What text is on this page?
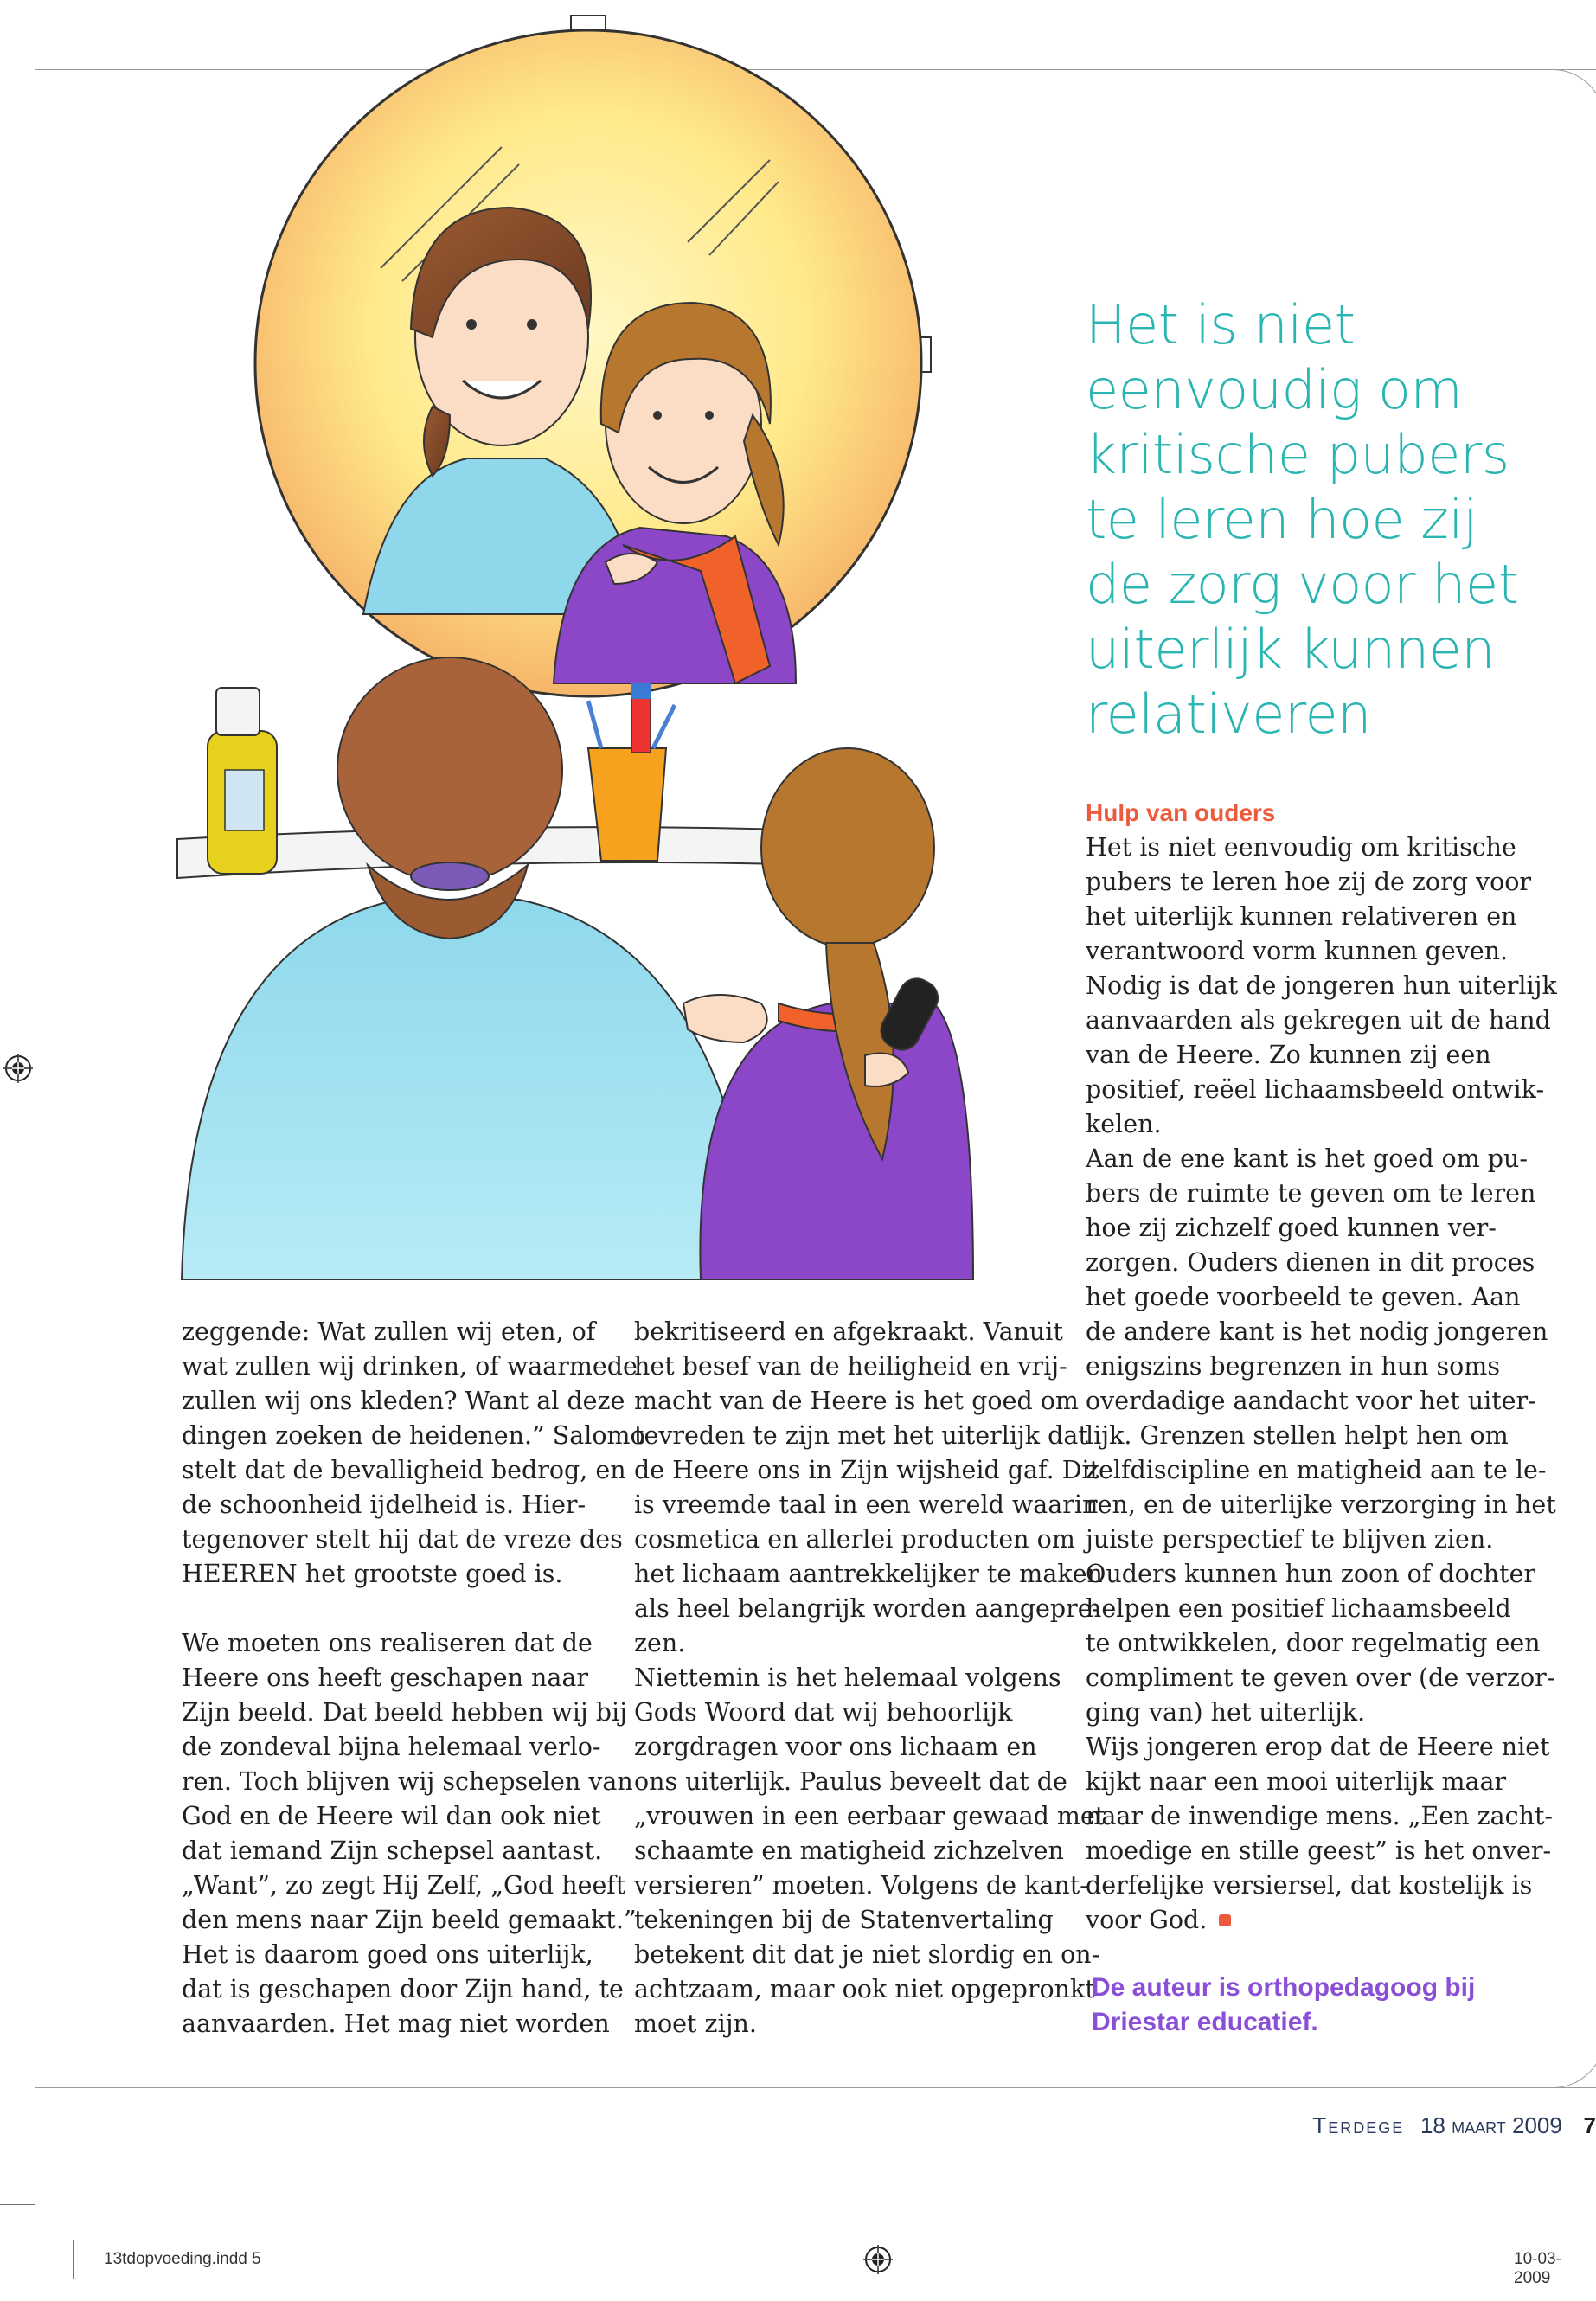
Het is niet
eenvoudig om
kritische pubers
te leren hoe zij
de zorg voor het
uiterlijk kunnen
relativeren

zeggende: Wat zullen wij eten, of
wat zullen wij drinken, of waarmede
zullen wij ons kleden? Want al deze
dingen zoeken de heidenen.” Salomo
stelt dat de bevalligheid bedrog, en
de schoonheid ijdelheid is. Hier-
tegenover stelt hij dat de vreze des
HEEREN het grootste goed is.

We moeten ons realiseren dat de
Heere ons heeft geschapen naar
Zijn beeld. Dat beeld hebben wij bij
de zondeval bijna helemaal verlo-
ren. Toch blijven wij schepselen van
God en de Heere wil dan ook niet
dat iemand Zijn schepsel aantast.
„Want”, zo zegt Hij Zelf, „God heeft
den mens naar Zijn beeld gemaakt.”
Het is daarom goed ons uiterlijk,
dat is geschapen door Zijn hand, te
aanvaarden. Het mag niet worden

bekritiseerd en afgekraakt. Vanuit
het besef van de heiligheid en vrij-
macht van de Heere is het goed om
tevreden te zijn met het uiterlijk dat
de Heere ons in Zijn wijsheid gaf. Dit
is vreemde taal in een wereld waarin
cosmetica en allerlei producten om
het lichaam aantrekkelijker te maken
als heel belangrijk worden aangepre-
zen.

Niettemin is het helemaal volgens
Gods Woord dat wij behoorlijk
zorgdragen voor ons lichaam en
ons uiterlijk. Paulus beveelt dat de
„vrouwen in een eerbaar gewaad met
schaamte en matigheid zichzelven
versieren” moeten. Volgens de kant-
tekeningen bij de Statenvertaling
betekent dit dat je niet slordig en on-
achtzaam, maar ook niet opgepronkt
moet zijn.

Hulp van ouders

Het is niet eenvoudig om kritische
pubers te leren hoe zij de zorg voor
het uiterlijk kunnen relativeren en
verantwoord vorm kunnen geven.
Nodig is dat de jongeren hun uiterlijk
aanvaarden als gekregen uit de hand
van de Heere. Zo kunnen zij een
positief, reëel lichaamsbeeld ontwik-
kelen.

Aan de ene kant is het goed om pu-
bers de ruimte te geven om te leren
hoe zij zichzelf goed kunnen ver-
zorgen. Ouders dienen in dit proces
het goede voorbeeld te geven. Aan
de andere kant is het nodig jongeren
enigszins begrenzen in hun soms
overdadige aandacht voor het uiter-
lijk. Grenzen stellen helpt hen om
zelfdiscipline en matigheid aan te le-
ren, en de uiterlijke verzorging in het
juiste perspectief te blijven zien.
Ouders kunnen hun zoon of dochter
helpen een positief lichaamsbeeld
te ontwikkelen, door regelmatig een
compliment te geven over (de verzor-
ging van) het uiterlijk.

Wijs jongeren erop dat de Heere niet
kijkt naar een mooi uiterlijk maar
naar de inwendige mens. „Een zacht-
moedige en stille geest” is het onver-
derfelijke versiersel, dat kostelijk is
voor God.

De auteur is orthopedagoog bij
Driestar educatief.
Terdege 18 maart 2009 7
13tdopvoeding.indd 5	10-03-2009
